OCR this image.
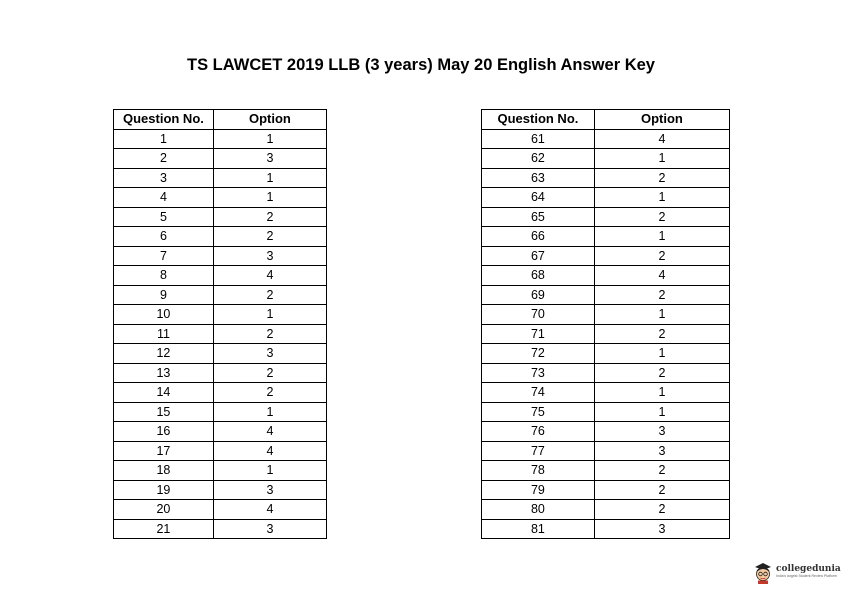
TS LAWCET 2019 LLB (3 years) May 20 English Answer Key
Question No.	Option
1	1
2	3
3	1
4	1
5	2
6	2
7	3
8	4
9	2
10	1
11	2
12	3
13	2
14	2
15	1
16	4
17	4
18	1
19	3
20	4
21	3
Question No.	Option
61	4
62	1
63	2
64	1
65	2
66	1
67	2
68	4
69	2
70	1
71	2
72	1
73	2
74	1
75	1
76	3
77	3
78	2
79	2
80	2
81	3
collegedunia
India's largest Student Review Platform
